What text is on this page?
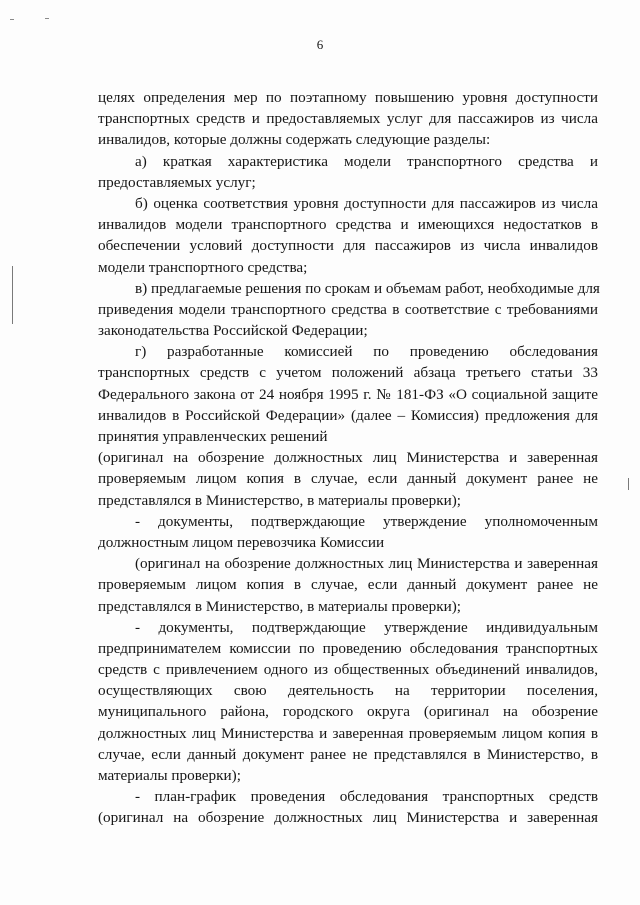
6
целях определения мер по поэтапному повышению уровня доступности
транспортных средств и предоставляемых услуг для пассажиров из числа
инвалидов, которые должны содержать следующие разделы:
а) краткая характеристика модели транспортного средства и
предоставляемых услуг;
б) оценка соответствия уровня доступности для пассажиров из числа
инвалидов модели транспортного средства и имеющихся недостатков в
обеспечении условий доступности для пассажиров из числа инвалидов
модели транспортного средства;
в) предлагаемые решения по срокам и объемам работ, необходимые для
приведения модели транспортного средства в соответствие с требованиями
законодательства Российской Федерации;
г) разработанные комиссией по проведению обследования
транспортных средств с учетом положений абзаца третьего статьи 33
Федерального закона от 24 ноября 1995 г. № 181-ФЗ «О социальной защите
инвалидов в Российской Федерации» (далее – Комиссия) предложения для
принятия управленческих решений
(оригинал на обозрение должностных лиц Министерства и заверенная
проверяемым лицом копия в случае, если данный документ ранее не
представлялся в Министерство, в материалы проверки);
- документы, подтверждающие утверждение уполномоченным
должностным лицом перевозчика Комиссии
(оригинал на обозрение должностных лиц Министерства и заверенная
проверяемым лицом копия в случае, если данный документ ранее не
представлялся в Министерство, в материалы проверки);
- документы, подтверждающие утверждение индивидуальным
предпринимателем комиссии по проведению обследования транспортных
средств с привлечением одного из общественных объединений инвалидов,
осуществляющих свою деятельность на территории поселения,
муниципального района, городского округа (оригинал на обозрение
должностных лиц Министерства и заверенная проверяемым лицом копия в
случае, если данный документ ранее не представлялся в Министерство, в
материалы проверки);
- план-график проведения обследования транспортных средств
(оригинал на обозрение должностных лиц Министерства и заверенная
